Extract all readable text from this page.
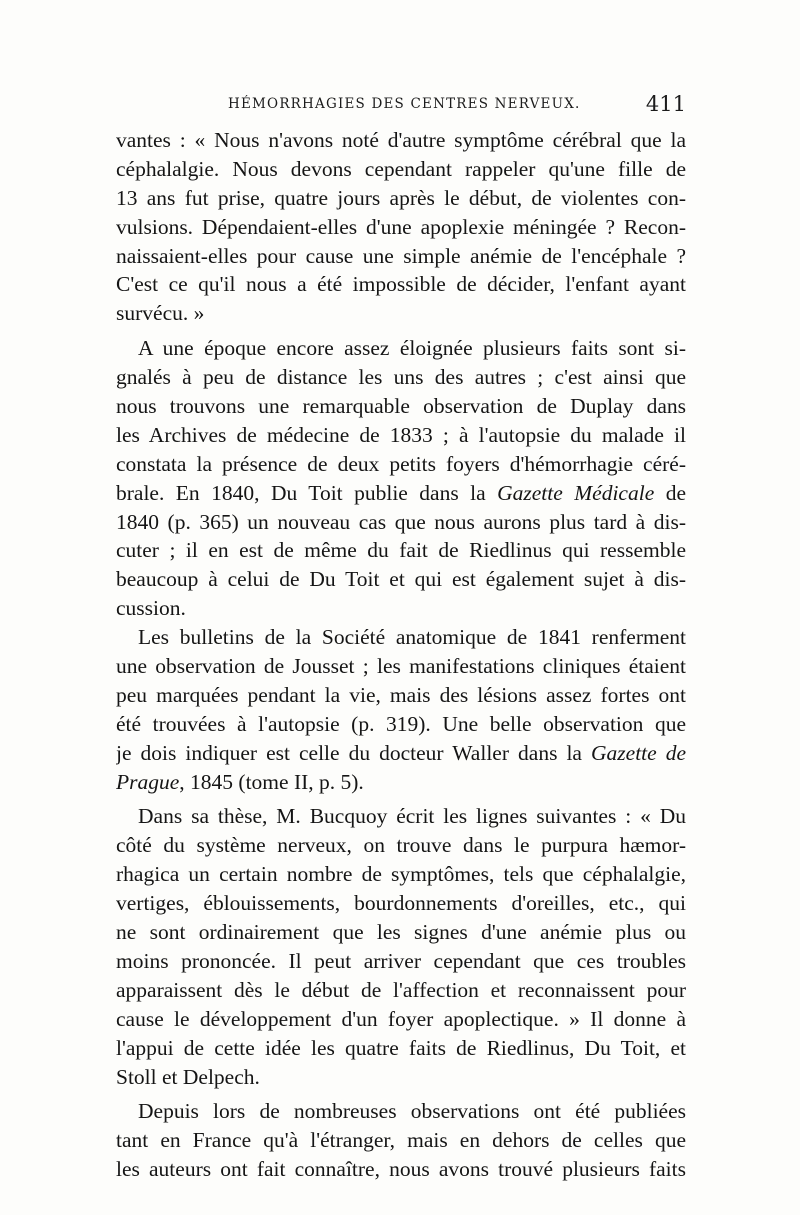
HÉMORRHAGIES DES CENTRES NERVEUX.	411
vantes : « Nous n'avons noté d'autre symptôme cérébral que la
céphalalgie. Nous devons cependant rappeler qu'une fille de
13 ans fut prise, quatre jours après le début, de violentes con-
vulsions. Dépendaient-elles d'une apoplexie méningée ? Recon-
naissaient-elles pour cause une simple anémie de l'encéphale ?
C'est ce qu'il nous a été impossible de décider, l'enfant ayant
survécu. »
A une époque encore assez éloignée plusieurs faits sont si-
gnalés à peu de distance les uns des autres ; c'est ainsi que
nous trouvons une remarquable observation de Duplay dans
les Archives de médecine de 1833 ; à l'autopsie du malade il
constata la présence de deux petits foyers d'hémorrhagie céré-
brale. En 1840, Du Toit publie dans la Gazette Médicale de
1840 (p. 365) un nouveau cas que nous aurons plus tard à dis-
cuter ; il en est de même du fait de Riedlinus qui ressemble
beaucoup à celui de Du Toit et qui est également sujet à dis-
cussion.
Les bulletins de la Société anatomique de 1841 renferment
une observation de Jousset ; les manifestations cliniques étaient
peu marquées pendant la vie, mais des lésions assez fortes ont
été trouvées à l'autopsie (p. 319). Une belle observation que
je dois indiquer est celle du docteur Waller dans la Gazette de
Prague, 1845 (tome II, p. 5).
Dans sa thèse, M. Bucquoy écrit les lignes suivantes : « Du
côté du système nerveux, on trouve dans le purpura hæmor-
rhagica un certain nombre de symptômes, tels que céphalalgie,
vertiges, éblouissements, bourdonnements d'oreilles, etc., qui
ne sont ordinairement que les signes d'une anémie plus ou
moins prononcée. Il peut arriver cependant que ces troubles
apparaissent dès le début de l'affection et reconnaissent pour
cause le développement d'un foyer apoplectique. » Il donne à
l'appui de cette idée les quatre faits de Riedlinus, Du Toit, et
Stoll et Delpech.
Depuis lors de nombreuses observations ont été publiées
tant en France qu'à l'étranger, mais en dehors de celles que
les auteurs ont fait connaître, nous avons trouvé plusieurs faits
